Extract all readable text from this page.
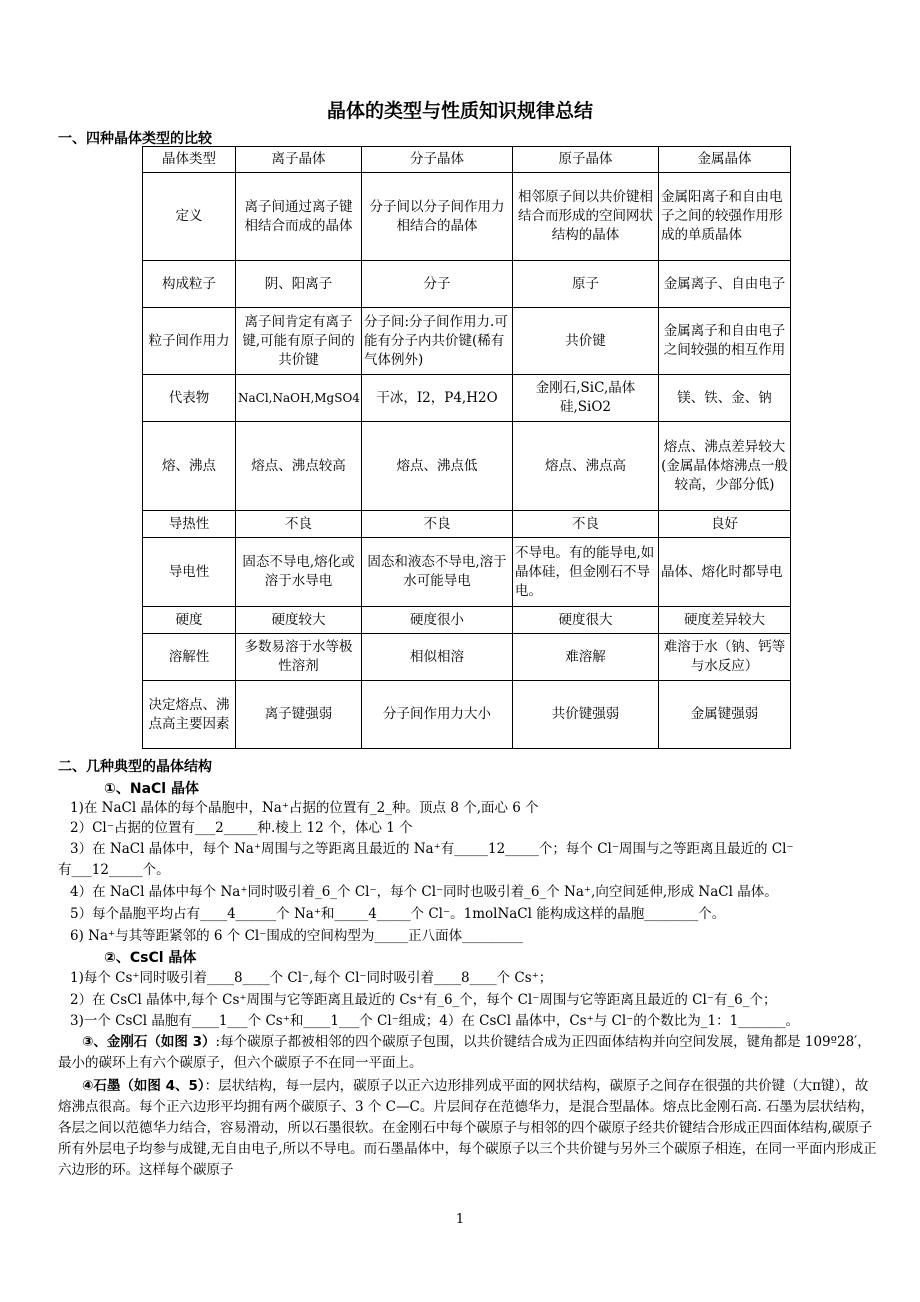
晶体的类型与性质知识规律总结
一、四种晶体类型的比较
晶体类型	离子晶体	分子晶体	原子晶体	金属晶体
定义	离子间通过离子键相结合而成的晶体	分子间以分子间作用力相结合的晶体	相邻原子间以共价键相结合而形成的空间网状结构的晶体	金属阳离子和自由电子之间的较强作用形成的单质晶体
构成粒子	阴、阳离子	分子	原子	金属离子、自由电子
粒子间作用力	离子间肯定有离子键,可能有原子间的共价键	分子间:分子间作用力.可能有分子内共价键(稀有气体例外)	共价键	金属离子和自由电子之间较强的相互作用
代表物	NaCl,NaOH,MgSO4	干冰，I2，P4,H2O	金刚石,SiC,晶体硅,SiO2	镁、铁、金、钠
熔、沸点	熔点、沸点较高	熔点、沸点低	熔点、沸点高	熔点、沸点差异较大(金属晶体熔沸点一般较高，少部分低)
导热性	不良	不良	不良	良好
导电性	固态不导电,熔化或溶于水导电	固态和液态不导电,溶于水可能导电	不导电。有的能导电,如晶体硅，但金刚石不导电。	晶体、熔化时都导电
硬度	硬度较大	硬度很小	硬度很大	硬度差异较大
溶解性	多数易溶于水等极性溶剂	相似相溶	难溶解	难溶于水（钠、钙等与水反应）
决定熔点、沸点高主要因素	离子键强弱	分子间作用力大小	共价键强弱	金属键强弱
二、几种典型的晶体结构
①、NaCl 晶体
1)在 NaCl 晶体的每个晶胞中，Na⁺占据的位置有_2_种。顶点 8 个,面心 6 个
2）Cl⁻占据的位置有___2_____种.棱上 12 个，体心 1 个
3）在 NaCl 晶体中，每个 Na⁺周围与之等距离且最近的 Na⁺有_____12_____个；每个 Cl⁻周围与之等距离且最近的 Cl⁻
有___12_____个。
4）在 NaCl 晶体中每个 Na⁺同时吸引着_6_个 Cl⁻，每个 Cl⁻同时也吸引着_6_个 Na⁺,向空间延伸,形成 NaCl 晶体。
5）每个晶胞平均占有____4______个 Na⁺和_____4_____个 Cl⁻。1molNaCl 能构成这样的晶胞________个。
6) Na⁺与其等距紧邻的 6 个 Cl⁻围成的空间构型为_____正八面体_________
②、CsCl 晶体
1)每个 Cs⁺同时吸引着____8____个 Cl⁻,每个 Cl⁻同时吸引着____8____个 Cs⁺；
2）在 CsCl 晶体中,每个 Cs⁺周围与它等距离且最近的 Cs⁺有_6_个，每个 Cl⁻周围与它等距离且最近的 Cl⁻有_6_个；
3)一个 CsCl 晶胞有____1___个 Cs⁺和____1___个 Cl⁻组成；4）在 CsCl 晶体中，Cs⁺与 Cl⁻的个数比为_1：1_______。
③、金刚石（如图 3）:每个碳原子都被相邻的四个碳原子包围，以共价键结合成为正四面体结构并向空间发展，键角都是 109º28′，最小的碳环上有六个碳原子，但六个碳原子不在同一平面上。
④石墨（如图 4、5）：层状结构，每一层内，碳原子以正六边形排列成平面的网状结构，碳原子之间存在很强的共价键（大π键），故熔沸点很高。每个正六边形平均拥有两个碳原子、3 个 C—C。片层间存在范德华力，是混合型晶体。熔点比金刚石高. 石墨为层状结构，各层之间以范德华力结合，容易滑动，所以石墨很软。在金刚石中每个碳原子与相邻的四个碳原子经共价键结合形成正四面体结构,碳原子所有外层电子均参与成键,无自由电子,所以不导电。而石墨晶体中，每个碳原子以三个共价键与另外三个碳原子相连，在同一平面内形成正六边形的环。这样每个碳原子
1
